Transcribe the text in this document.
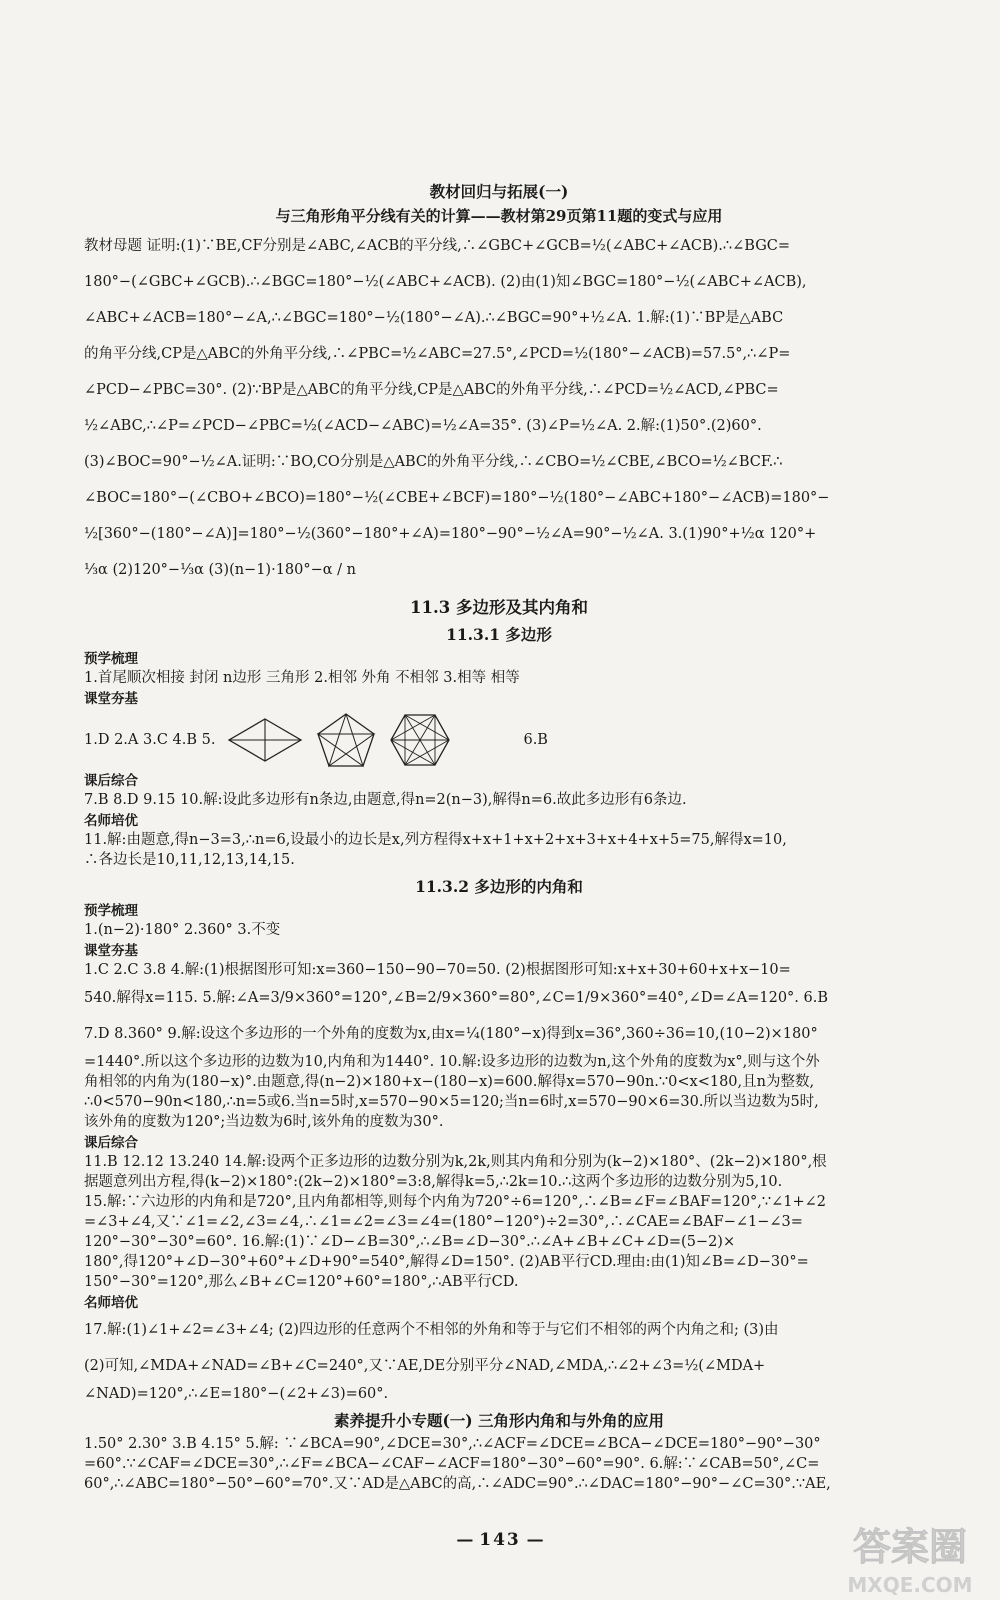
教材回归与拓展(一)
与三角形角平分线有关的计算——教材第29页第11题的变式与应用
教材母题 证明:(1)∵BE,CF分别是∠ABC,∠ACB的平分线,∴∠GBC+∠GCB=½(∠ABC+∠ACB).∴∠BGC=
180°−(∠GBC+∠GCB).∴∠BGC=180°−½(∠ABC+∠ACB). (2)由(1)知∠BGC=180°−½(∠ABC+∠ACB),
∠ABC+∠ACB=180°−∠A,∴∠BGC=180°−½(180°−∠A).∴∠BGC=90°+½∠A. 1.解:(1)∵BP是△ABC
的角平分线,CP是△ABC的外角平分线,∴∠PBC=½∠ABC=27.5°,∠PCD=½(180°−∠ACB)=57.5°,∴∠P=
∠PCD−∠PBC=30°. (2)∵BP是△ABC的角平分线,CP是△ABC的外角平分线,∴∠PCD=½∠ACD,∠PBC=
½∠ABC,∴∠P=∠PCD−∠PBC=½(∠ACD−∠ABC)=½∠A=35°. (3)∠P=½∠A. 2.解:(1)50°.(2)60°.
(3)∠BOC=90°−½∠A.证明:∵BO,CO分别是△ABC的外角平分线,∴∠CBO=½∠CBE,∠BCO=½∠BCF.∴
∠BOC=180°−(∠CBO+∠BCO)=180°−½(∠CBE+∠BCF)=180°−½(180°−∠ABC+180°−∠ACB)=180°−
½[360°−(180°−∠A)]=180°−½(360°−180°+∠A)=180°−90°−½∠A=90°−½∠A. 3.(1)90°+½α 120°+
⅓α (2)120°−⅓α (3)(n−1)·180°−α / n
11.3 多边形及其内角和
11.3.1 多边形
预学梳理
1.首尾顺次相接 封闭 n边形 三角形 2.相邻 外角 不相邻 3.相等 相等
课堂夯基
1.D 2.A 3.C 4.B 5.	6.B
课后综合
7.B 8.D 9.15 10.解:设此多边形有n条边,由题意,得n=2(n−3),解得n=6.故此多边形有6条边.
名师培优
11.解:由题意,得n−3=3,∴n=6,设最小的边长是x,列方程得x+x+1+x+2+x+3+x+4+x+5=75,解得x=10,
∴各边长是10,11,12,13,14,15.
11.3.2 多边形的内角和
预学梳理
1.(n−2)·180° 2.360° 3.不变
课堂夯基
1.C 2.C 3.8 4.解:(1)根据图形可知:x=360−150−90−70=50. (2)根据图形可知:x+x+30+60+x+x−10=
540.解得x=115. 5.解:∠A=3/9×360°=120°,∠B=2/9×360°=80°,∠C=1/9×360°=40°,∠D=∠A=120°. 6.B
7.D 8.360° 9.解:设这个多边形的一个外角的度数为x,由x=¼(180°−x)得到x=36°,360÷36=10,(10−2)×180°
=1440°.所以这个多边形的边数为10,内角和为1440°. 10.解:设多边形的边数为n,这个外角的度数为x°,则与这个外
角相邻的内角为(180−x)°.由题意,得(n−2)×180+x−(180−x)=600.解得x=570−90n.∵0<x<180,且n为整数,
∴0<570−90n<180,∴n=5或6.当n=5时,x=570−90×5=120;当n=6时,x=570−90×6=30.所以当边数为5时,
该外角的度数为120°;当边数为6时,该外角的度数为30°.
课后综合
11.B 12.12 13.240 14.解:设两个正多边形的边数分别为k,2k,则其内角和分别为(k−2)×180°、(2k−2)×180°,根
据题意列出方程,得(k−2)×180°:(2k−2)×180°=3:8,解得k=5,∴2k=10.∴这两个多边形的边数分别为5,10.
15.解:∵六边形的内角和是720°,且内角都相等,则每个内角为720°÷6=120°,∴∠B=∠F=∠BAF=120°,∵∠1+∠2
=∠3+∠4,又∵∠1=∠2,∠3=∠4,∴∠1=∠2=∠3=∠4=(180°−120°)÷2=30°,∴∠CAE=∠BAF−∠1−∠3=
120°−30°−30°=60°. 16.解:(1)∵∠D−∠B=30°,∴∠B=∠D−30°.∴∠A+∠B+∠C+∠D=(5−2)×
180°,得120°+∠D−30°+60°+∠D+90°=540°,解得∠D=150°. (2)AB平行CD.理由:由(1)知∠B=∠D−30°=
150°−30°=120°,那么∠B+∠C=120°+60°=180°,∴AB平行CD.
名师培优
17.解:(1)∠1+∠2=∠3+∠4; (2)四边形的任意两个不相邻的外角和等于与它们不相邻的两个内角之和; (3)由
(2)可知,∠MDA+∠NAD=∠B+∠C=240°,又∵AE,DE分别平分∠NAD,∠MDA,∴∠2+∠3=½(∠MDA+
∠NAD)=120°,∴∠E=180°−(∠2+∠3)=60°.
素养提升小专题(一) 三角形内角和与外角的应用
1.50° 2.30° 3.B 4.15° 5.解: ∵∠BCA=90°,∠DCE=30°,∴∠ACF=∠DCE=∠BCA−∠DCE=180°−90°−30°
=60°.∵∠CAF=∠DCE=30°,∴∠F=∠BCA−∠CAF−∠ACF=180°−30°−60°=90°. 6.解:∵∠CAB=50°,∠C=
60°,∴∠ABC=180°−50°−60°=70°.又∵AD是△ABC的高,∴∠ADC=90°.∴∠DAC=180°−90°−∠C=30°.∵AE,
— 143 —	答案圈
MXQE.COM
